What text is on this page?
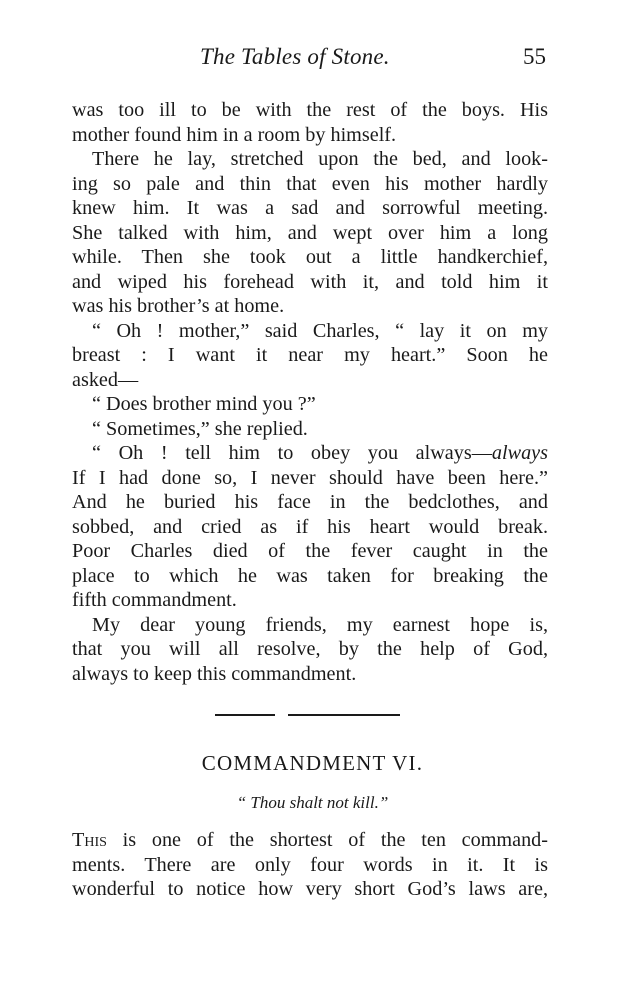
The Tables of Stone.	55
was too ill to be with the rest of the boys. His
mother found him in a room by himself.
There he lay, stretched upon the bed, and look-
ing so pale and thin that even his mother hardly
knew him. It was a sad and sorrowful meeting.
She talked with him, and wept over him a long
while. Then she took out a little handkerchief,
and wiped his forehead with it, and told him it
was his brother’s at home.
“ Oh ! mother,” said Charles, “ lay it on my
breast : I want it near my heart.” Soon he
asked—
“ Does brother mind you ?”
“ Sometimes,” she replied.
“ Oh ! tell him to obey you always—always
If I had done so, I never should have been here.”
And he buried his face in the bedclothes, and
sobbed, and cried as if his heart would break.
Poor Charles died of the fever caught in the
place to which he was taken for breaking the
fifth commandment.
My dear young friends, my earnest hope is,
that you will all resolve, by the help of God,
always to keep this commandment.
COMMANDMENT VI.
“ Thou shalt not kill.”
This is one of the shortest of the ten command-
ments. There are only four words in it. It is
wonderful to notice how very short God’s laws are,
